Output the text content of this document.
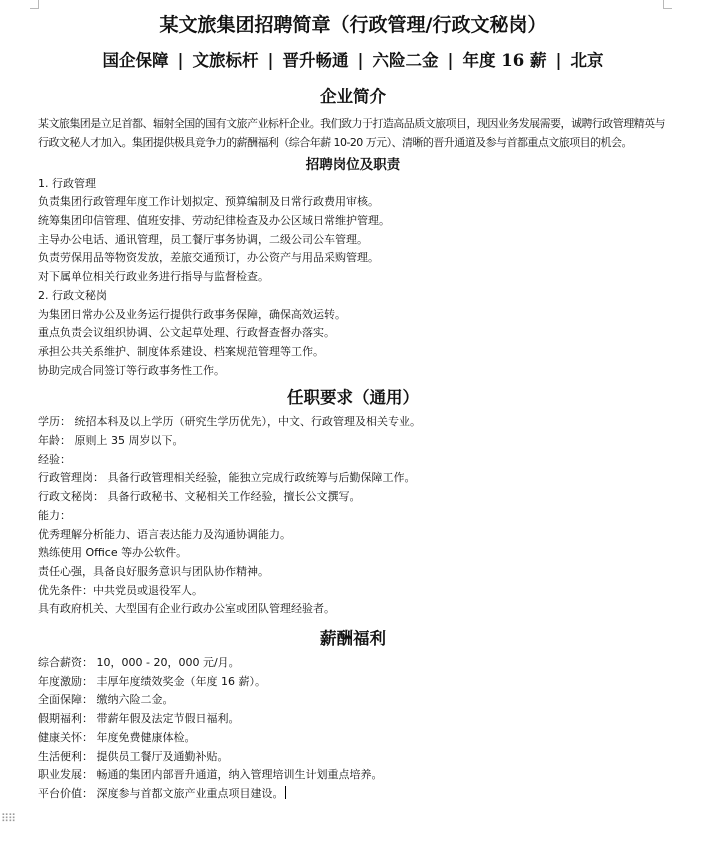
⠿⠿
某文旅集团招聘简章（行政管理/行政文秘岗）
国企保障 | 文旅标杆 | 晋升畅通 | 六险二金 | 年度 16 薪 | 北京
企业简介

某文旅集团是立足首都、辐射全国的国有文旅产业标杆企业。我们致力于打造高品质文旅项目，现因业务发展需要，诚聘行政管理精英与行政文秘人才加入。集团提供极具竞争力的薪酬福利（综合年薪 10-20 万元）、清晰的晋升通道及参与首都重点文旅项目的机会。

招聘岗位及职责
1. 行政管理
负责集团行政管理年度工作计划拟定、预算编制及日常行政费用审核。
统筹集团印信管理、值班安排、劳动纪律检查及办公区域日常维护管理。
主导办公电话、通讯管理，员工餐厅事务协调，二级公司公车管理。
负责劳保用品等物资发放，差旅交通预订，办公资产与用品采购管理。
对下属单位相关行政业务进行指导与监督检查。
2. 行政文秘岗
为集团日常办公及业务运行提供行政事务保障，确保高效运转。
重点负责会议组织协调、公文起草处理、行政督查督办落实。
承担公共关系维护、制度体系建设、档案规范管理等工作。
协助完成合同签订等行政事务性工作。
任职要求（通用）
学历： 统招本科及以上学历（研究生学历优先），中文、行政管理及相关专业。
年龄： 原则上 35 周岁以下。
经验：
行政管理岗： 具备行政管理相关经验，能独立完成行政统筹与后勤保障工作。
行政文秘岗： 具备行政秘书、文秘相关工作经验，擅长公文撰写。
能力：
优秀理解分析能力、语言表达能力及沟通协调能力。
熟练使用 Office 等办公软件。
责任心强，具备良好服务意识与团队协作精神。
优先条件：中共党员或退役军人。
具有政府机关、大型国有企业行政办公室或团队管理经验者。
薪酬福利
综合薪资： 10，000 - 20，000 元/月。
年度激励： 丰厚年度绩效奖金（年度 16 薪）。
全面保障： 缴纳六险二金。
假期福利： 带薪年假及法定节假日福利。
健康关怀： 年度免费健康体检。
生活便利： 提供员工餐厅及通勤补贴。
职业发展： 畅通的集团内部晋升通道，纳入管理培训生计划重点培养。
平台价值： 深度参与首都文旅产业重点项目建设。
